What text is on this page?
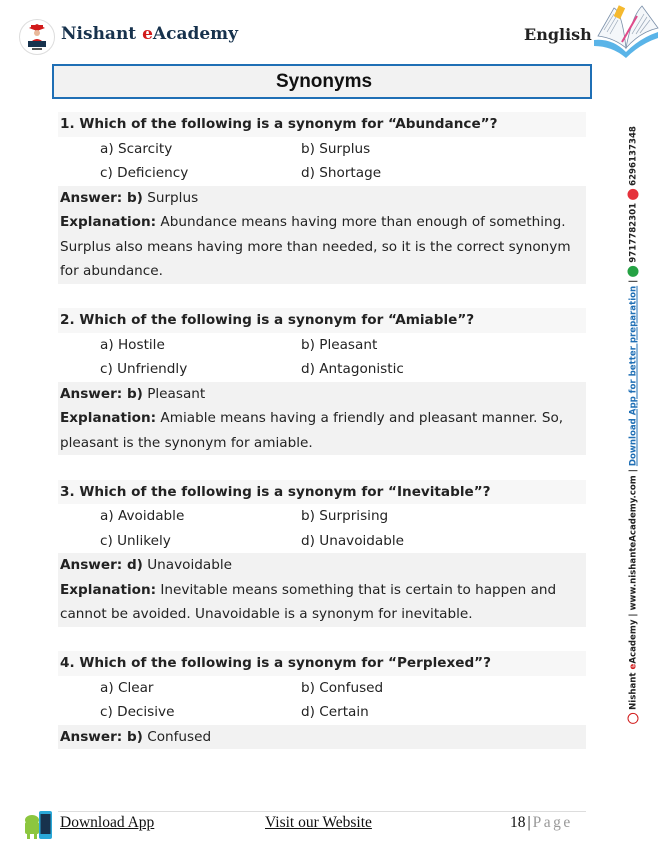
Nishant eAcademy	English
Synonyms
1. Which of the following is a synonym for “Abundance”?
a) Scarcity	b) Surplus
c) Deficiency	d) Shortage
Answer: b) Surplus
Explanation: Abundance means having more than enough of something. Surplus also means having more than needed, so it is the correct synonym for abundance.
2. Which of the following is a synonym for “Amiable”?
a) Hostile	b) Pleasant
c) Unfriendly	d) Antagonistic
Answer: b) Pleasant
Explanation: Amiable means having a friendly and pleasant manner. So, pleasant is the synonym for amiable.
3. Which of the following is a synonym for “Inevitable”?
a) Avoidable	b) Surprising
c) Unlikely	d) Unavoidable
Answer: d) Unavoidable
Explanation: Inevitable means something that is certain to happen and cannot be avoided. Unavoidable is a synonym for inevitable.
4. Which of the following is a synonym for “Perplexed”?
a) Clear	b) Confused
c) Decisive	d) Certain
Answer: b) Confused
Nishant eAcademy
|
www.nishanteAcademy.com
|
Download App for better preparation
|
9717782301
6296137348
Download App	Visit our Website	18 | Page
